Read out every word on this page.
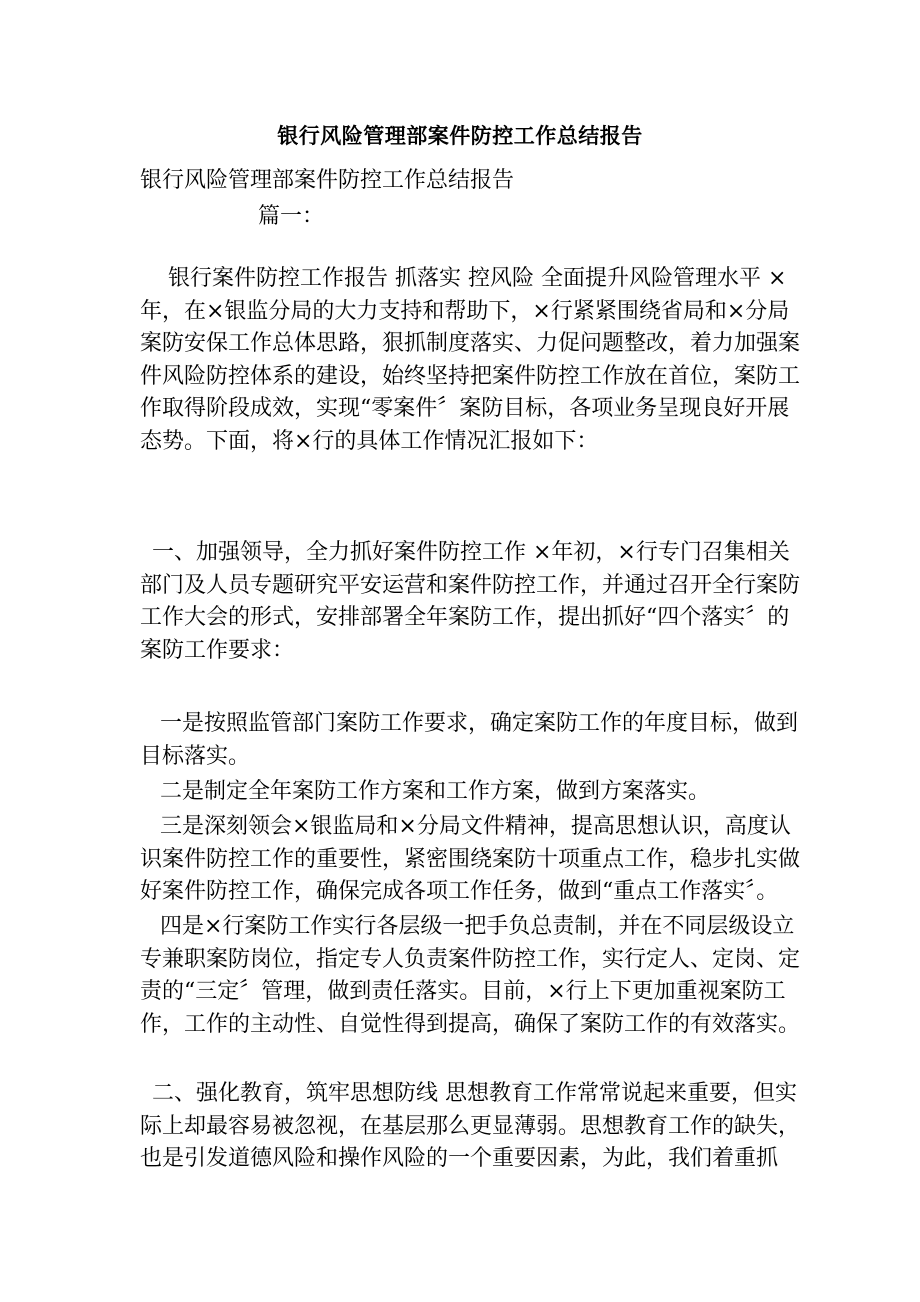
银行风险管理部案件防控工作总结报告
银行风险管理部案件防控工作总结报告
篇一：
银行案件防控工作报告 抓落实 控风险 全面提升风险管理水平 ×年，在×银监分局的大力支持和帮助下，×行紧紧围绕省局和×分局案防安保工作总体思路，狠抓制度落实、力促问题整改，着力加强案件风险防控体系的建设，始终坚持把案件防控工作放在首位，案防工作取得阶段成效，实现“零案件〞案防目标，各项业务呈现良好开展态势。下面，将×行的具体工作情况汇报如下：
一、加强领导，全力抓好案件防控工作 ×年初，×行专门召集相关部门及人员专题研究平安运营和案件防控工作，并通过召开全行案防工作大会的形式，安排部署全年案防工作，提出抓好“四个落实〞的案防工作要求：
一是按照监管部门案防工作要求，确定案防工作的年度目标，做到目标落实。
二是制定全年案防工作方案和工作方案，做到方案落实。
三是深刻领会×银监局和×分局文件精神，提高思想认识，高度认识案件防控工作的重要性，紧密围绕案防十项重点工作，稳步扎实做好案件防控工作，确保完成各项工作任务，做到“重点工作落实〞。
四是×行案防工作实行各层级一把手负总责制，并在不同层级设立专兼职案防岗位，指定专人负责案件防控工作，实行定人、定岗、定责的“三定〞管理，做到责任落实。目前，×行上下更加重视案防工作，工作的主动性、自觉性得到提高，确保了案防工作的有效落实。
二、强化教育，筑牢思想防线 思想教育工作常常说起来重要，但实际上却最容易被忽视，在基层那么更显薄弱。思想教育工作的缺失，也是引发道德风险和操作风险的一个重要因素，为此，我们着重抓
